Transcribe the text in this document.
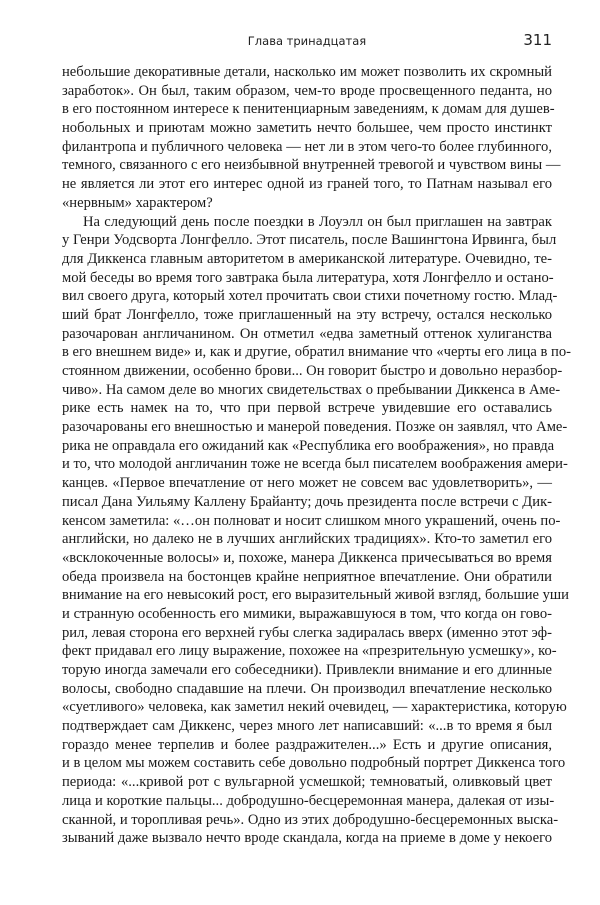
Глава тринадцатая	311
небольшие декоративные детали, насколько им может позволить их скромный
заработок». Он был, таким образом, чем-то вроде просвещенного педанта, но
в его постоянном интересе к пенитенциарным заведениям, к домам для душев-
нобольных и приютам можно заметить нечто большее, чем просто инстинкт
филантропа и публичного человека — нет ли в этом чего-то более глубинного,
темного, связанного с его неизбывной внутренней тревогой и чувством вины —
не является ли этот его интерес одной из граней того, то Патнам называл его
«нервным» характером?
На следующий день после поездки в Лоуэлл он был приглашен на завтрак
у Генри Уодсворта Лонгфелло. Этот писатель, после Вашингтона Ирвинга, был
для Диккенса главным авторитетом в американской литературе. Очевидно, те-
мой беседы во время того завтрака была литература, хотя Лонгфелло и остано-
вил своего друга, который хотел прочитать свои стихи почетному гостю. Млад-
ший брат Лонгфелло, тоже приглашенный на эту встречу, остался несколько
разочарован англичанином. Он отметил «едва заметный оттенок хулиганства
в его внешнем виде» и, как и другие, обратил внимание что «черты его лица в по-
стоянном движении, особенно брови... Он говорит быстро и довольно неразбор-
чиво». На самом деле во многих свидетельствах о пребывании Диккенса в Аме-
рике есть намек на то, что при первой встрече увидевшие его оставались
разочарованы его внешностью и манерой поведения. Позже он заявлял, что Аме-
рика не оправдала его ожиданий как «Республика его воображения», но правда
и то, что молодой англичанин тоже не всегда был писателем воображения амери-
канцев. «Первое впечатление от него может не совсем вас удовлетворить», —
писал Дана Уильяму Каллену Брайанту; дочь президента после встречи с Дик-
кенсом заметила: «…он полноват и носит слишком много украшений, очень по-
английски, но далеко не в лучших английских традициях». Кто-то заметил его
«всклокоченные волосы» и, похоже, манера Диккенса причесываться во время
обеда произвела на бостонцев крайне неприятное впечатление. Они обратили
внимание на его невысокий рост, его выразительный живой взгляд, большие уши
и странную особенность его мимики, выражавшуюся в том, что когда он гово-
рил, левая сторона его верхней губы слегка задиралась вверх (именно этот эф-
фект придавал его лицу выражение, похожее на «презрительную усмешку», ко-
торую иногда замечали его собеседники). Привлекли внимание и его длинные
волосы, свободно спадавшие на плечи. Он производил впечатление несколько
«суетливого» человека, как заметил некий очевидец, — характеристика, которую
подтверждает сам Диккенс, через много лет написавший: «...в то время я был
гораздо менее терпелив и более раздражителен...» Есть и другие описания,
и в целом мы можем составить себе довольно подробный портрет Диккенса того
периода: «...кривой рот с вульгарной усмешкой; темноватый, оливковый цвет
лица и короткие пальцы... добродушно-бесцеремонная манера, далекая от изы-
сканной, и торопливая речь». Одно из этих добродушно-бесцеремонных выска-
зываний даже вызвало нечто вроде скандала, когда на приеме в доме у некоего
